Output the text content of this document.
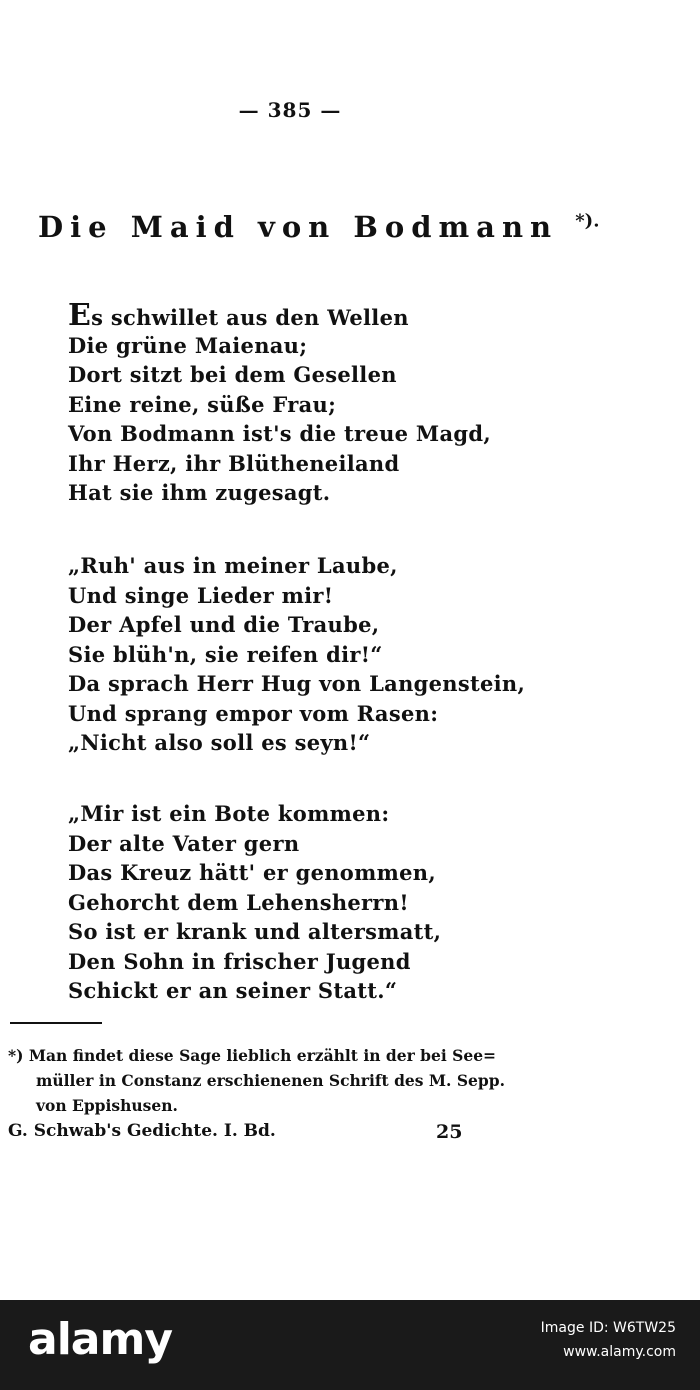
— 385 —
Die Maid von Bodmann *).
Es schwillet aus den Wellen
Die grüne Maienau;
Dort sitzt bei dem Gesellen
Eine reine, süße Frau;
Von Bodmann ist's die treue Magd,
Ihr Herz, ihr Blütheneiland
Hat sie ihm zugesagt.
„Ruh' aus in meiner Laube,
Und singe Lieder mir!
Der Apfel und die Traube,
Sie blüh'n, sie reifen dir!“
Da sprach Herr Hug von Langenstein,
Und sprang empor vom Rasen:
„Nicht also soll es seyn!“
„Mir ist ein Bote kommen:
Der alte Vater gern
Das Kreuz hätt' er genommen,
Gehorcht dem Lehensherrn!
So ist er krank und altersmatt,
Den Sohn in frischer Jugend
Schickt er an seiner Statt.“

*) Man findet diese Sage lieblich erzählt in der bei See=

müller in Constanz erschienenen Schrift des M. Sepp.

von Eppishusen.

G. Schwab's Gedichte. I. Bd.	25
alamy	Image ID: W6TW25
www.alamy.com
